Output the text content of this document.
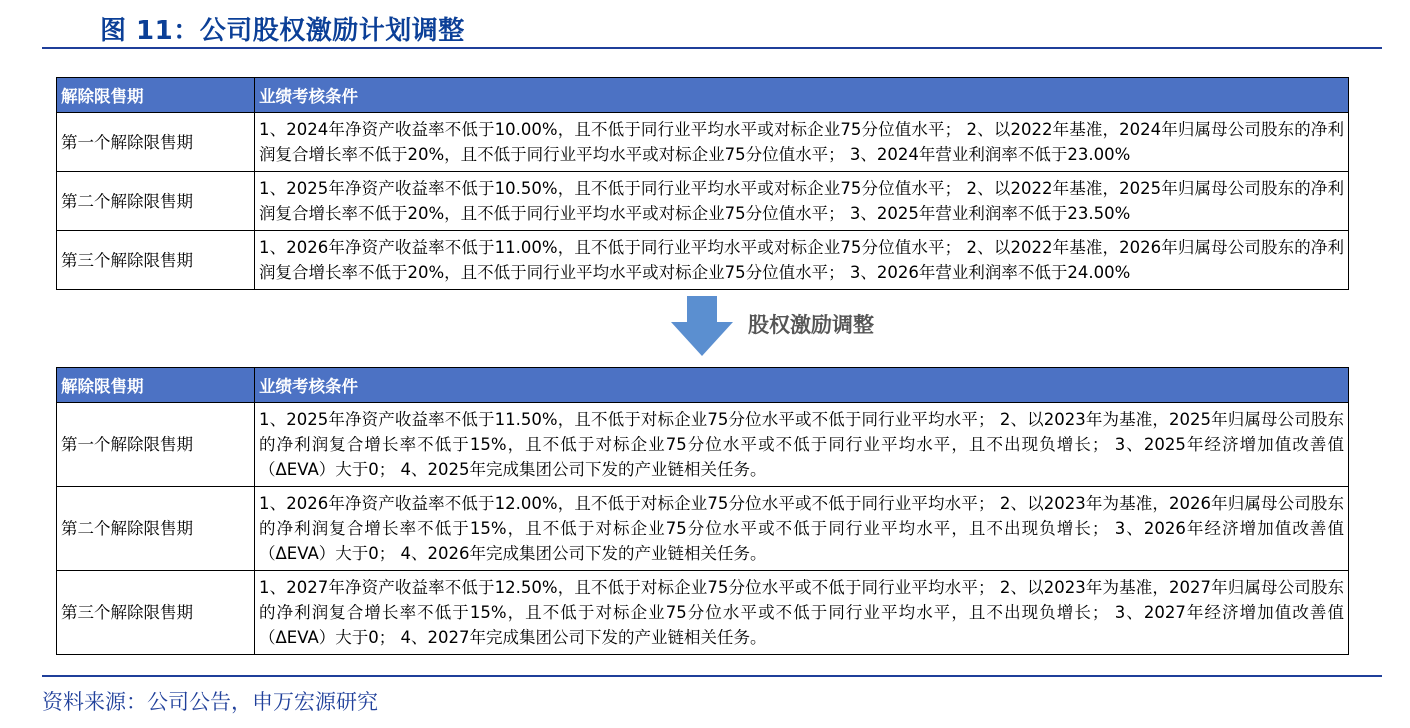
图 11：公司股权激励计划调整
解除限售期	业绩考核条件
第一个解除限售期	1、2024年净资产收益率不低于10.00%，且不低于同行业平均水平或对标企业75分位值水平； 2、以2022年基准，2024年归属母公司股东的净利润复合增长率不低于20%，且不低于同行业平均水平或对标企业75分位值水平； 3、2024年营业利润率不低于23.00%
第二个解除限售期	1、2025年净资产收益率不低于10.50%，且不低于同行业平均水平或对标企业75分位值水平； 2、以2022年基准，2025年归属母公司股东的净利润复合增长率不低于20%，且不低于同行业平均水平或对标企业75分位值水平； 3、2025年营业利润率不低于23.50%
第三个解除限售期	1、2026年净资产收益率不低于11.00%，且不低于同行业平均水平或对标企业75分位值水平； 2、以2022年基准，2026年归属母公司股东的净利润复合增长率不低于20%，且不低于同行业平均水平或对标企业75分位值水平； 3、2026年营业利润率不低于24.00%
股权激励调整
解除限售期	业绩考核条件
第一个解除限售期	1、2025年净资产收益率不低于11.50%，且不低于对标企业75分位水平或不低于同行业平均水平； 2、以2023年为基准，2025年归属母公司股东的净利润复合增长率不低于15%，且不低于对标企业75分位水平或不低于同行业平均水平，且不出现负增长； 3、2025年经济增加值改善值（ΔEVA）大于0； 4、2025年完成集团公司下发的产业链相关任务。
第二个解除限售期	1、2026年净资产收益率不低于12.00%，且不低于对标企业75分位水平或不低于同行业平均水平； 2、以2023年为基准，2026年归属母公司股东的净利润复合增长率不低于15%，且不低于对标企业75分位水平或不低于同行业平均水平，且不出现负增长； 3、2026年经济增加值改善值（ΔEVA）大于0； 4、2026年完成集团公司下发的产业链相关任务。
第三个解除限售期	1、2027年净资产收益率不低于12.50%，且不低于对标企业75分位水平或不低于同行业平均水平； 2、以2023年为基准，2027年归属母公司股东的净利润复合增长率不低于15%，且不低于对标企业75分位水平或不低于同行业平均水平，且不出现负增长； 3、2027年经济增加值改善值（ΔEVA）大于0； 4、2027年完成集团公司下发的产业链相关任务。
资料来源：公司公告，申万宏源研究
